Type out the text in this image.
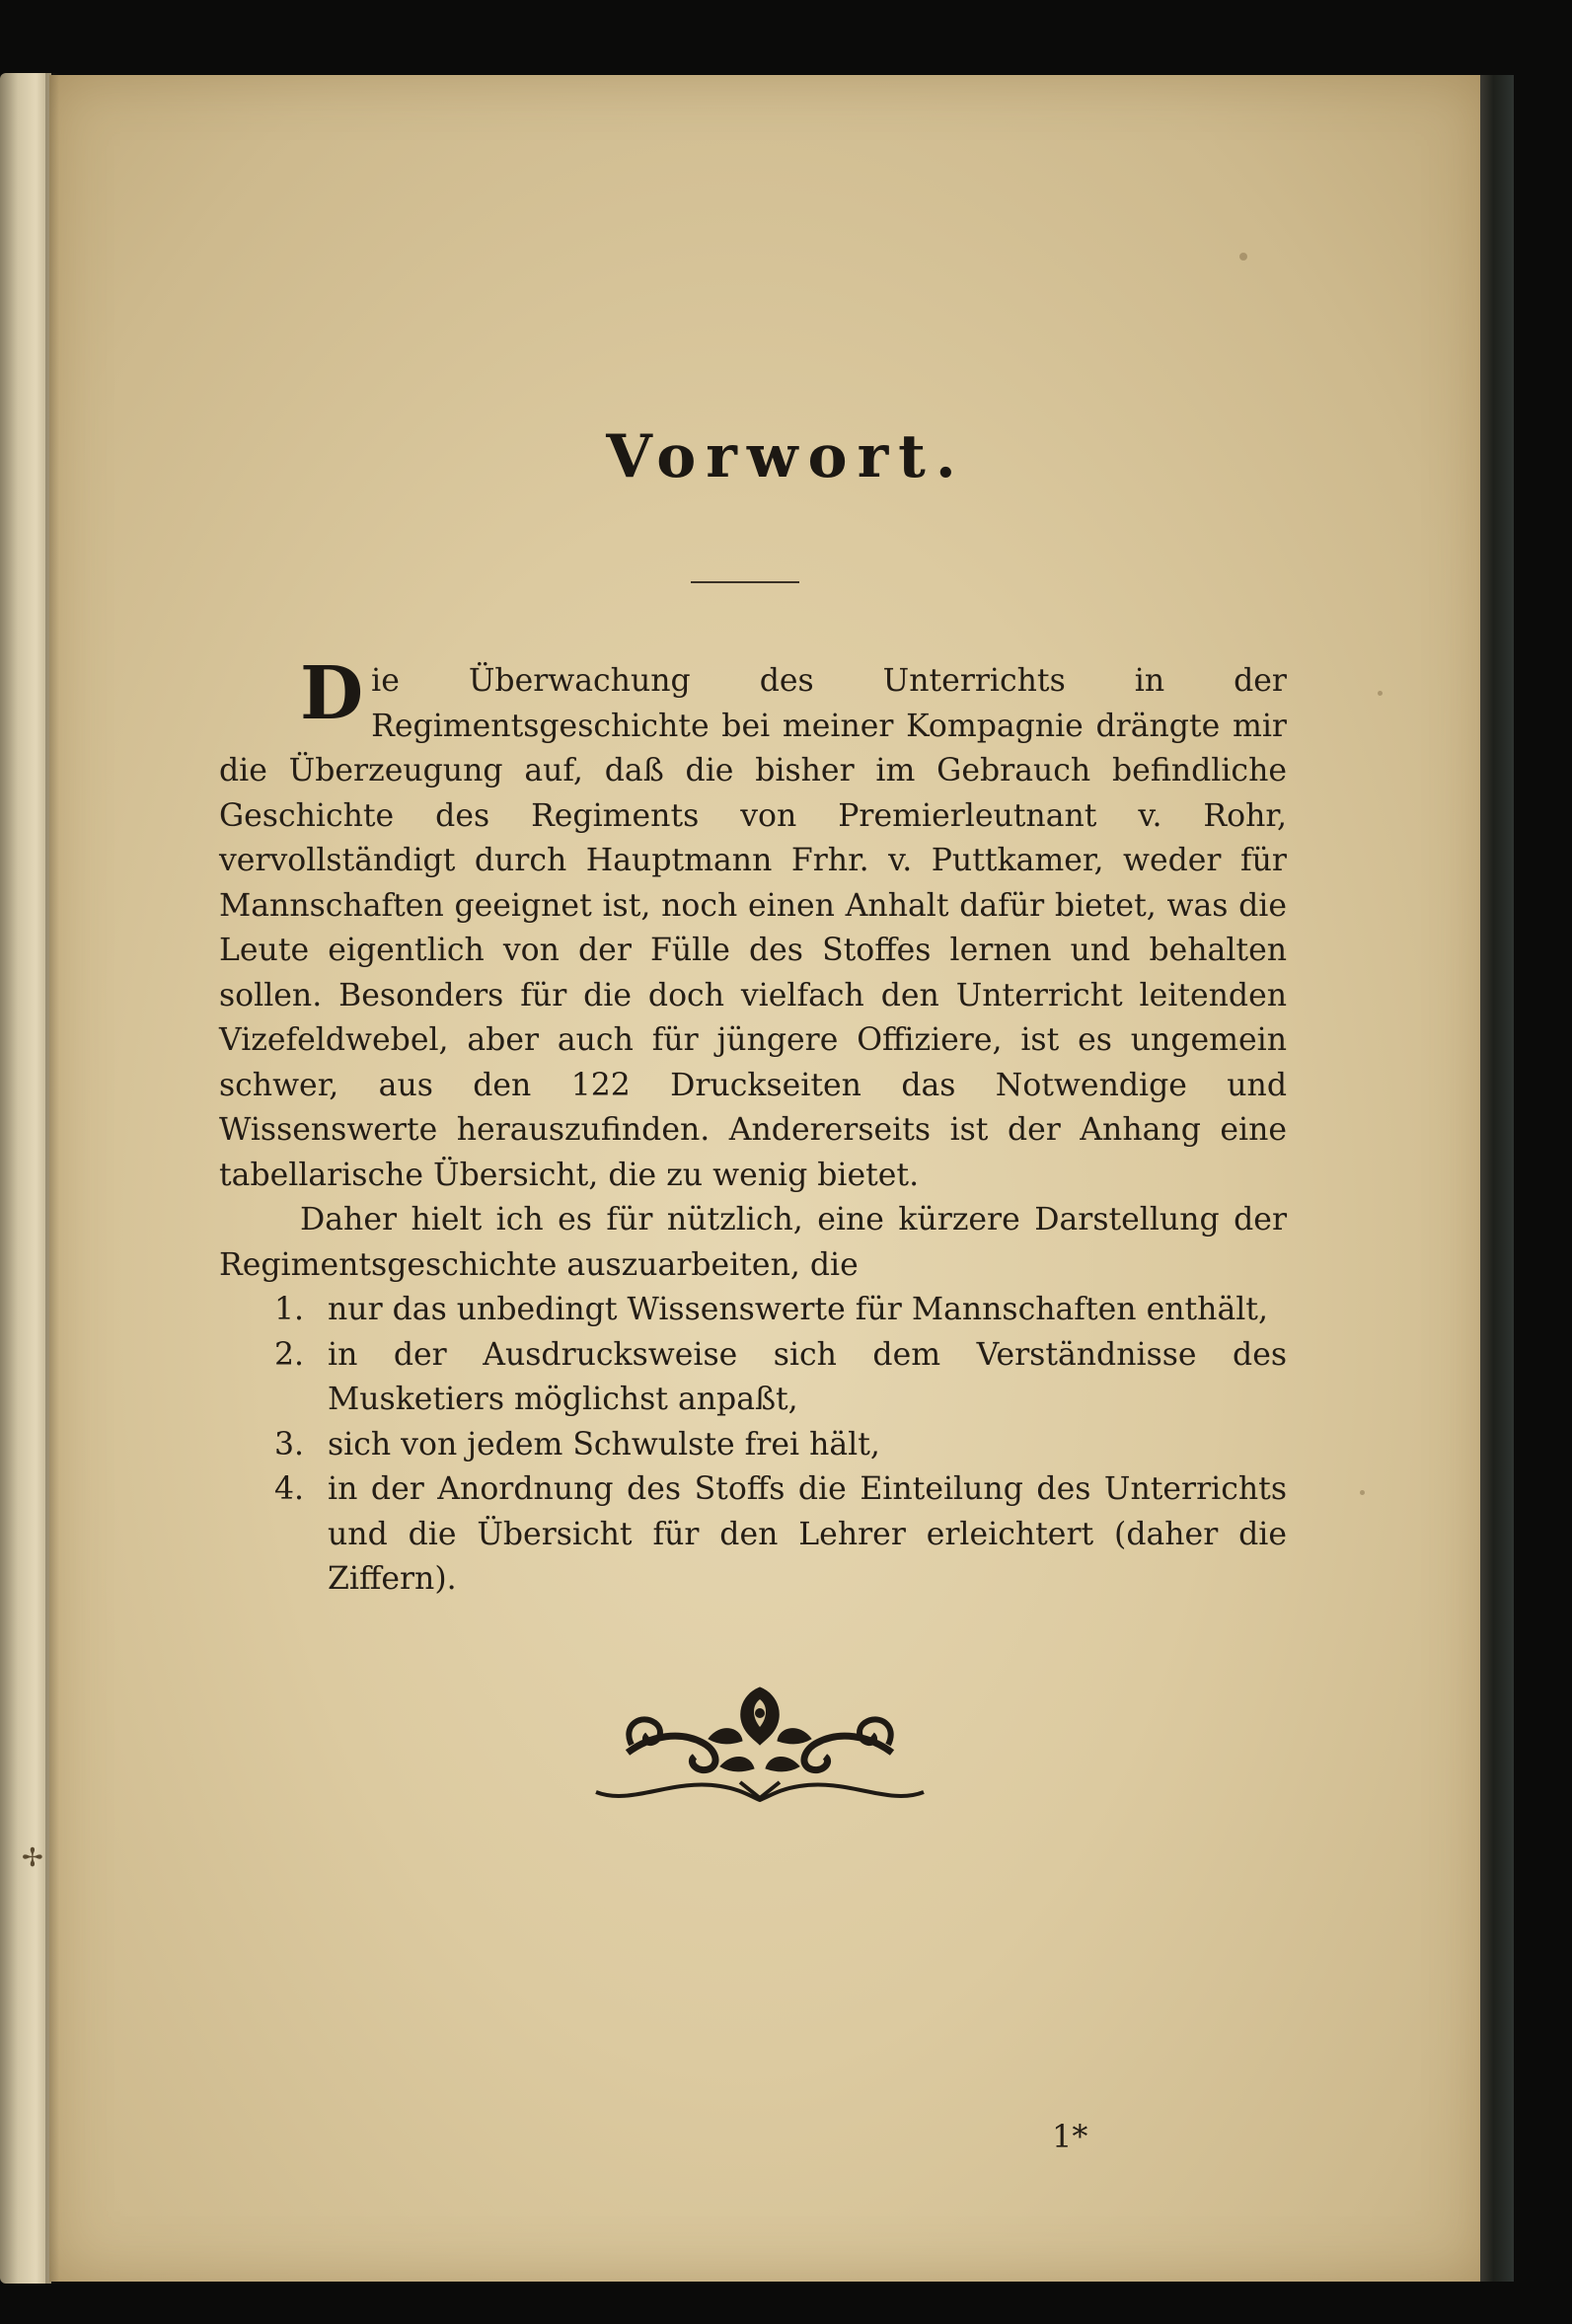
✢
Vorwort.

Die Überwachung des Unterrichts in der Regimentsgeschichte bei meiner Kompagnie drängte mir die Überzeugung auf, daß die bisher im Gebrauch befindliche Geschichte des Regiments von Premierleutnant v. Rohr, vervollständigt durch Hauptmann Frhr. v. Puttkamer, weder für Mannschaften geeignet ist, noch einen Anhalt dafür bietet, was die Leute eigentlich von der Fülle des Stoffes lernen und behalten sollen. Besonders für die doch vielfach den Unterricht leitenden Vizefeldwebel, aber auch für jüngere Offiziere, ist es ungemein schwer, aus den 122 Druckseiten das Notwendige und Wissenswerte herauszufinden. Andererseits ist der Anhang eine tabellarische Übersicht, die zu wenig bietet.

Daher hielt ich es für nützlich, eine kürzere Darstellung der Regimentsgeschichte auszuarbeiten, die

1. nur das unbedingt Wissenswerte für Mannschaften enthält,
2. in der Ausdrucksweise sich dem Verständnisse des Musketiers möglichst anpaßt,
3. sich von jedem Schwulste frei hält,
4. in der Anordnung des Stoffs die Einteilung des Unterrichts und die Übersicht für den Lehrer erleichtert (daher die Ziffern).
1*
